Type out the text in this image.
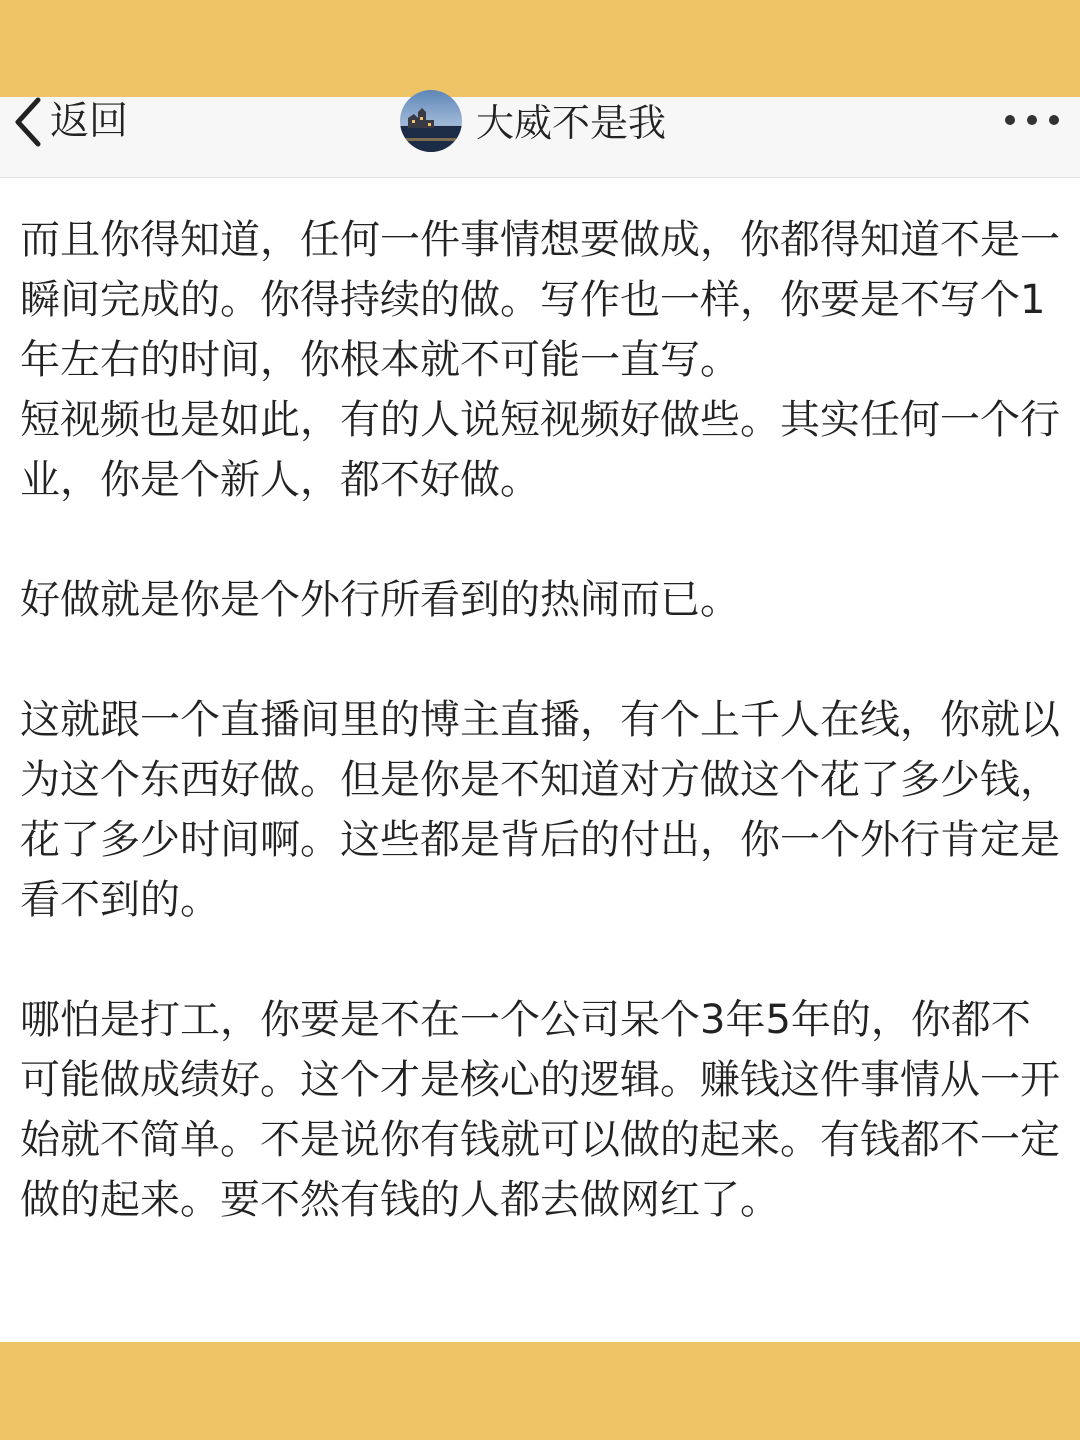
返回	大威不是我

而且你得知道，任何一件事情想要做成，你都得知道不是一瞬间完成的。你得持续的做。写作也一样，你要是不写个1年左右的时间，你根本就不可能一直写。
短视频也是如此，有的人说短视频好做些。其实任何一个行业，你是个新人，都不好做。

好做就是你是个外行所看到的热闹而已。

这就跟一个直播间里的博主直播，有个上千人在线，你就以为这个东西好做。但是你是不知道对方做这个花了多少钱，花了多少时间啊。这些都是背后的付出，你一个外行肯定是看不到的。

哪怕是打工，你要是不在一个公司呆个3年5年的，你都不可能做成绩好。这个才是核心的逻辑。赚钱这件事情从一开始就不简单。不是说你有钱就可以做的起来。有钱都不一定做的起来。要不然有钱的人都去做网红了。
